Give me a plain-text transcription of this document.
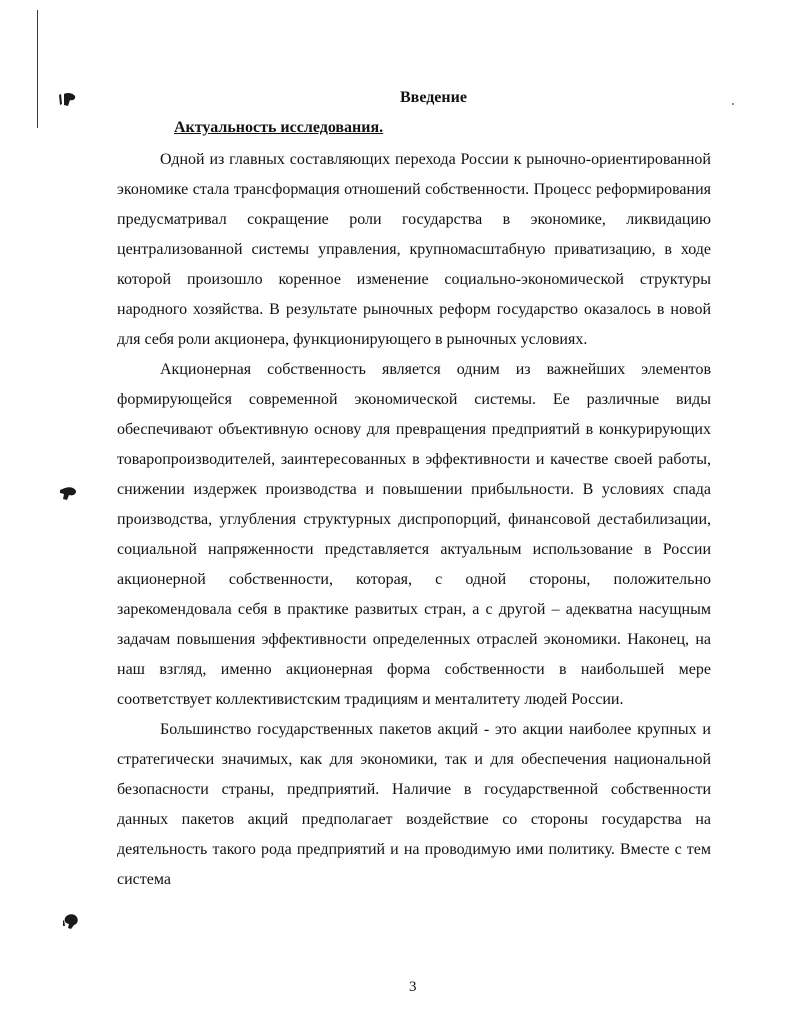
Введение
Актуальность исследования.

Одной из главных составляющих перехода России к рыночно-ориентированной экономике стала трансформация отношений собственности. Процесс реформирования предусматривал сокращение роли государства в экономике, ликвидацию централизованной системы управления, крупномасштабную приватизацию, в ходе которой произошло коренное изменение социально-экономической структуры народного хозяйства. В результате рыночных реформ государство оказалось в новой для себя роли акционера, функционирующего в рыночных условиях.

Акционерная собственность является одним из важнейших элементов формирующейся современной экономической системы. Ее различные виды обеспечивают объективную основу для превращения предприятий в конкурирующих товаропроизводителей, заинтересованных в эффективности и качестве своей работы, снижении издержек производства и повышении прибыльности. В условиях спада производства, углубления структурных диспропорций, финансовой дестабилизации, социальной напряженности представляется актуальным использование в России акционерной собственности, которая, с одной стороны, положительно зарекомендовала себя в практике развитых стран, а с другой – адекватна насущным задачам повышения эффективности определенных отраслей экономики. Наконец, на наш взгляд, именно акционерная форма собственности в наибольшей мере соответствует коллективистским традициям и менталитету людей России.

Большинство государственных пакетов акций - это акции наиболее крупных и стратегически значимых, как для экономики, так и для обеспечения национальной безопасности страны, предприятий. Наличие в государственной собственности данных пакетов акций предполагает воздействие со стороны государства на деятельность такого рода предприятий и на проводимую ими политику. Вместе с тем система

3
